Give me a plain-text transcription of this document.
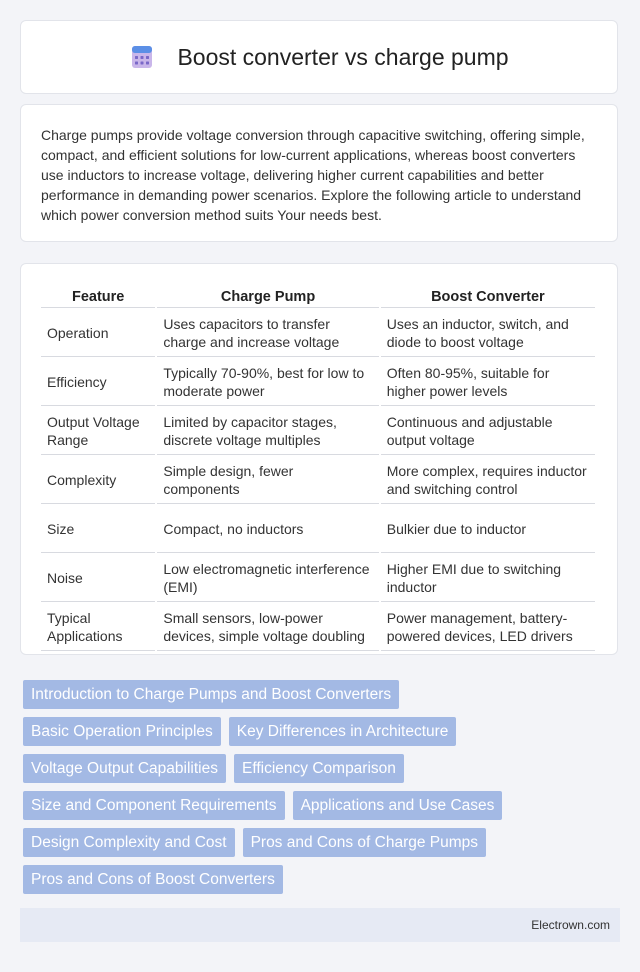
Boost converter vs charge pump

Charge pumps provide voltage conversion through capacitive switching, offering simple, compact, and efficient solutions for low-current applications, whereas boost converters use inductors to increase voltage, delivering higher current capabilities and better performance in demanding power scenarios. Explore the following article to understand which power conversion method suits Your needs best.

Feature	Charge Pump	Boost Converter
Operation	Uses capacitors to transfer charge and increase voltage	Uses an inductor, switch, and diode to boost voltage
Efficiency	Typically 70-90%, best for low to moderate power	Often 80-95%, suitable for higher power levels
Output Voltage Range	Limited by capacitor stages, discrete voltage multiples	Continuous and adjustable output voltage
Complexity	Simple design, fewer components	More complex, requires inductor and switching control
Size	Compact, no inductors	Bulkier due to inductor
Noise	Low electromagnetic interference (EMI)	Higher EMI due to switching inductor
Typical Applications	Small sensors, low-power devices, simple voltage doubling	Power management, battery-powered devices, LED drivers
Introduction to Charge Pumps and Boost Converters
Basic Operation Principles	Key Differences in Architecture
Voltage Output Capabilities	Efficiency Comparison
Size and Component Requirements	Applications and Use Cases
Design Complexity and Cost	Pros and Cons of Charge Pumps
Pros and Cons of Boost Converters
Electrown.com
